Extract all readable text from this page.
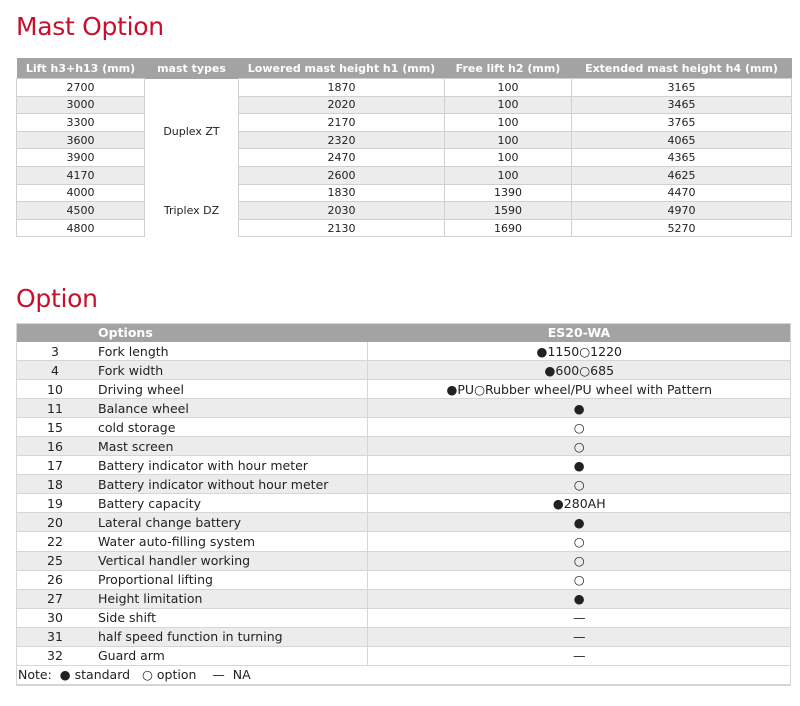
Mast Option
Lift h3+h13 (mm)	mast types	Lowered mast height h1 (mm)	Free lift h2 (mm)	Extended mast height h4 (mm)
2700	Duplex ZT	1870	100	3165
3000		2020	100	3465
3300		2170	100	3765
3600		2320	100	4065
3900		2470	100	4365
4170		2600	100	4625
4000	Triplex DZ	1830	1390	4470
4500		2030	1590	4970
4800		2130	1690	5270
Option
	Options	ES20-WA
3	Fork length	●1150○1220
4	Fork width	●600○685
10	Driving wheel	●PU○Rubber wheel/PU wheel with Pattern
11	Balance wheel	●
15	cold storage	○
16	Mast screen	○
17	Battery indicator with hour meter	●
18	Battery indicator without hour meter	○
19	Battery capacity	●280AH
20	Lateral change battery	●
22	Water auto-filling system	○
25	Vertical handler working	○
26	Proportional lifting	○
27	Height limitation	●
30	Side shift	—
31	half speed function in turning	—
32	Guard arm	—
Note:  ● standard   ○ option    —  NA		
